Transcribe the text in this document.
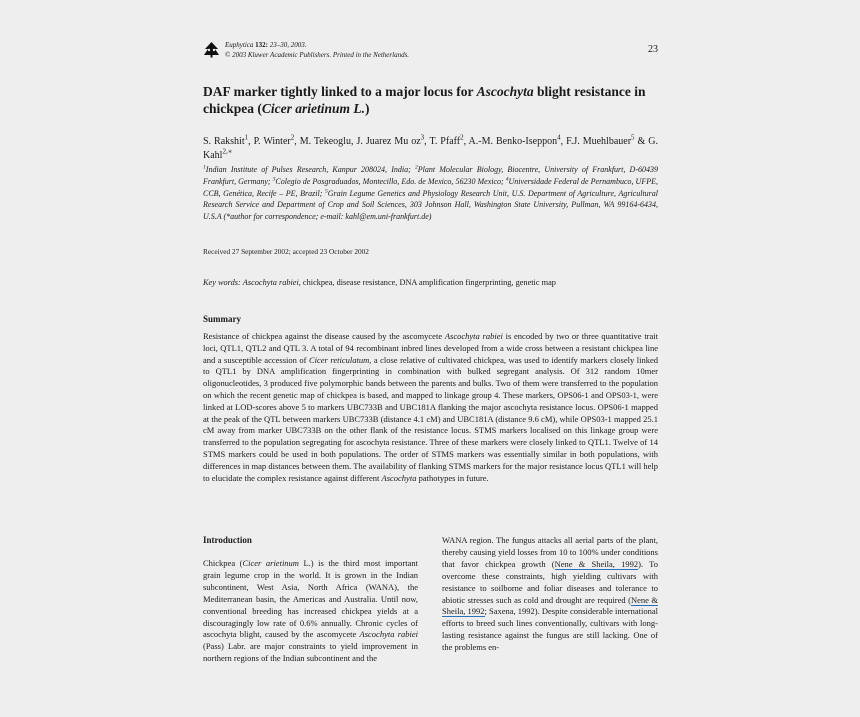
Euphytica 132: 23–30, 2003.
© 2003 Kluwer Academic Publishers. Printed in the Netherlands.	23
DAF marker tightly linked to a major locus for Ascochyta blight resistance in chickpea (Cicer arietinum L.)
S. Rakshit$^1$, P. Winter$^2$, M. Tekeoglu, J. Juarez Mu $oz^3$, T. Pfaff$^2$, A.-M. Benko-Iseppon$^4$, F.J. Muehlbauer$^5$ & G. Kahl$^{2,∗}$
$^1$Indian Institute of Pulses Research, Kanpur 208024, India; $^2$Plant Molecular Biology, Biocentre, University of Frankfurt, D-60439 Frankfurt, Germany; $^3$Colegio de Posgraduados, Montecillo, Edo. de Mexico, 56230 Mexico; $^4$Universidade Federal de Pernambuco, UFPE, CCB, Genética, Recife – PE, Brazil; $^5$Grain Legume Genetics and Physiology Research Unit, U.S. Department of Agriculture, Agricultural Research Service and Department of Crop and Soil Sciences, 303 Johnson Hall, Washington State University, Pullman, WA 99164-6434, U.S.A (*author for correspondence; e-mail: kahl@em.uni-frankfurt.de)
Received 27 September 2002; accepted 23 October 2002
Key words: Ascochyta rabiei, chickpea, disease resistance, DNA amplification fingerprinting, genetic map
Summary
Resistance of chickpea against the disease caused by the ascomycete Ascochyta rabiei is encoded by two or three quantitative trait loci, QTL1, QTL2 and QTL 3. A total of 94 recombinant inbred lines developed from a wide cross between a resistant chickpea line and a susceptible accession of Cicer reticulatum, a close relative of cultivated chickpea, was used to identify markers closely linked to QTL1 by DNA amplification fingerprinting in combination with bulked segregant analysis. Of 312 random 10mer oligonucleotides, 3 produced five polymorphic bands between the parents and bulks. Two of them were transferred to the population on which the recent genetic map of chickpea is based, and mapped to linkage group 4. These markers, OPS06-1 and OPS03-1, were linked at LOD-scores above 5 to markers UBC733B and UBC181A flanking the major ascochyta resistance locus. OPS06-1 mapped at the peak of the QTL between markers UBC733B (distance 4.1 cM) and UBC181A (distance 9.6 cM), while OPS03-1 mapped 25.1 cM away from marker UBC733B on the other flank of the resistance locus. STMS markers localised on this linkage group were transferred to the population segregating for ascochyta resistance. Three of these markers were closely linked to QTL1. Twelve of 14 STMS markers could be used in both populations. The order of STMS markers was essentially similar in both populations, with differences in map distances between them. The availability of flanking STMS markers for the major resistance locus QTL1 will help to elucidate the complex resistance against different Ascochyta pathotypes in future.
Introduction
Chickpea (Cicer arietinum L.) is the third most important grain legume crop in the world. It is grown in the Indian subcontinent, West Asia, North Africa (WANA), the Mediterranean basin, the Americas and Australia. Until now, conventional breeding has increased chickpea yields at a discouragingly low rate of 0.6% annually. Chronic cycles of ascochyta blight, caused by the ascomycete Ascochyta rabiei (Pass) Labr. are major constraints to yield improvement in northern regions of the Indian subcontinent and the
WANA region. The fungus attacks all aerial parts of the plant, thereby causing yield losses from 10 to 100% under conditions that favor chickpea growth (Nene & Sheila, 1992). To overcome these constraints, high yielding cultivars with resistance to soilborne and foliar diseases and tolerance to abiotic stresses such as cold and drought are required (Nene & Sheila, 1992; Saxena, 1992). Despite considerable international efforts to breed such lines conventionally, cultivars with long-lasting resistance against the fungus are still lacking. One of the problems en-
